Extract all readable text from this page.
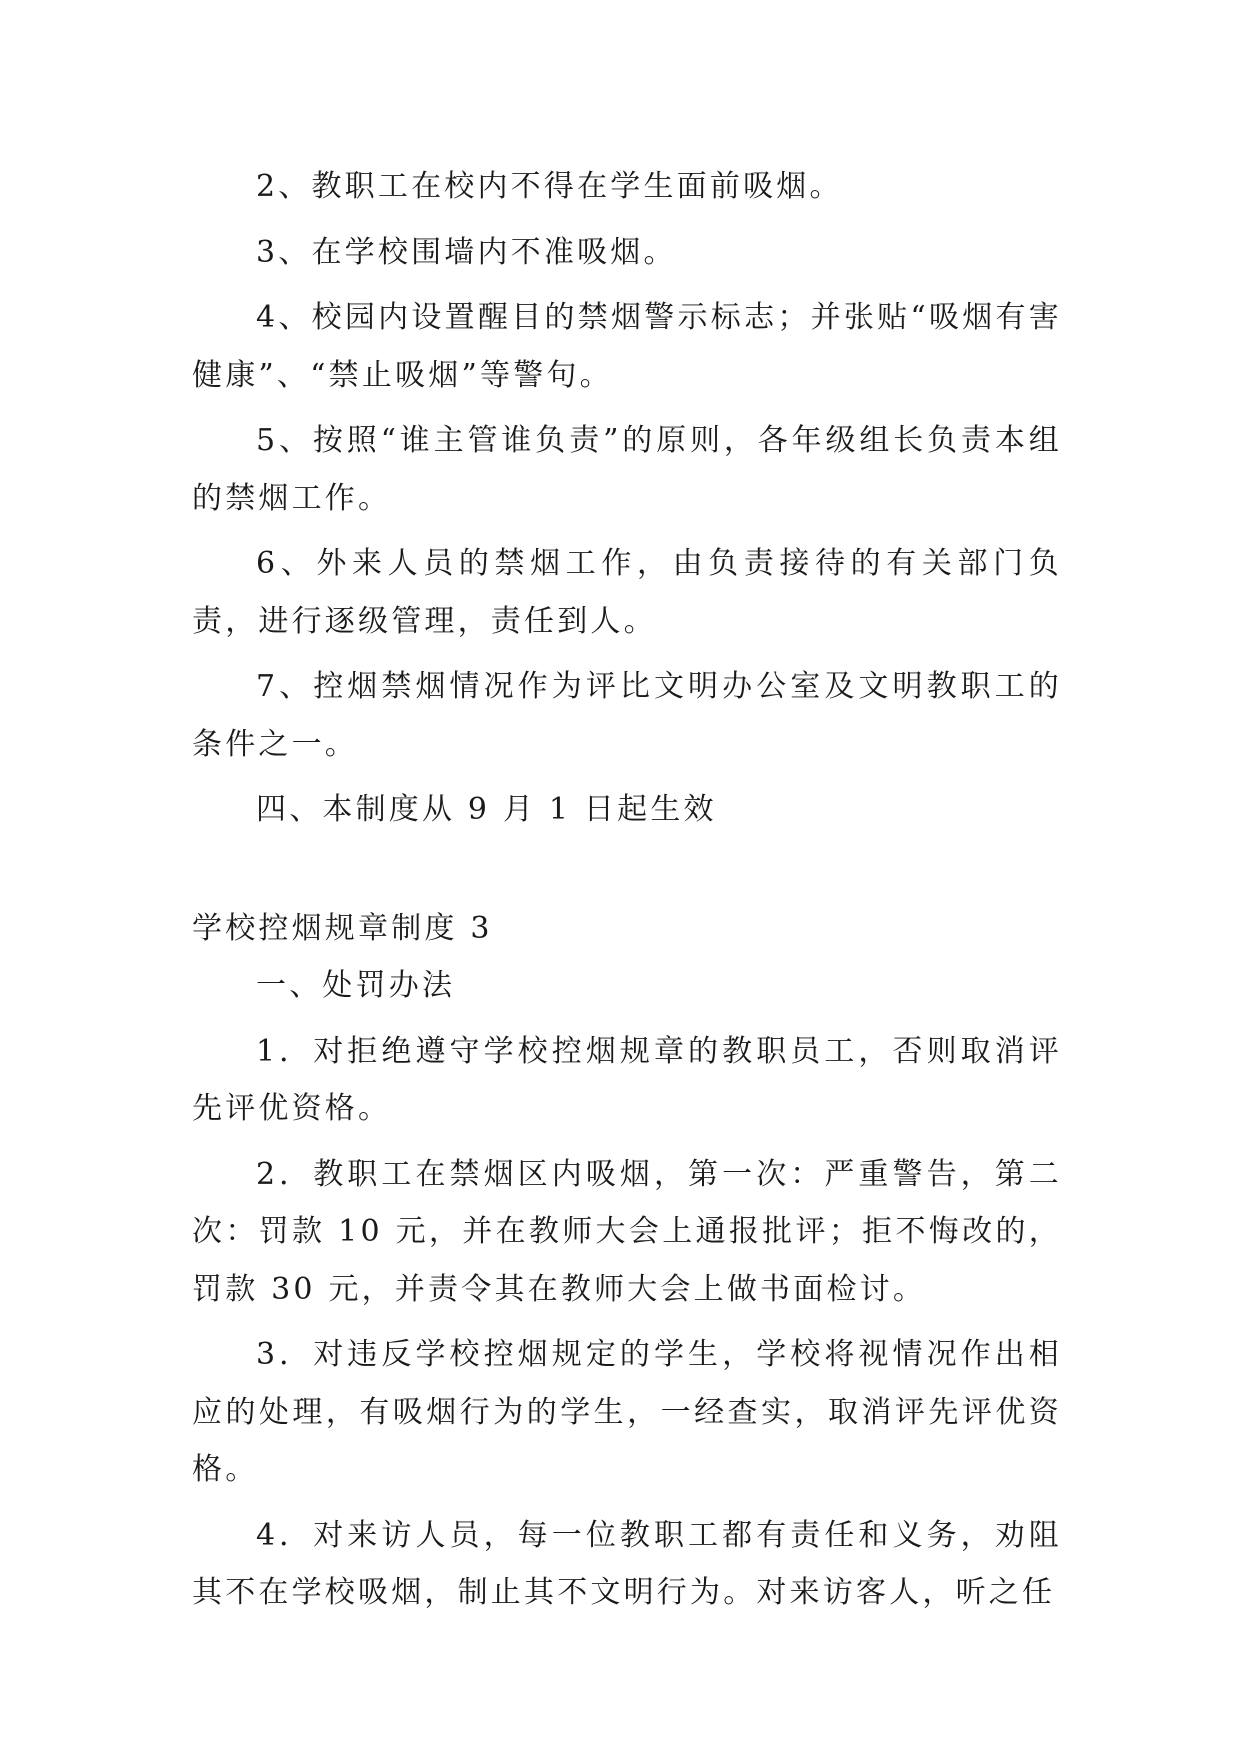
2、教职工在校内不得在学生面前吸烟。

3、在学校围墙内不准吸烟。

4、校园内设置醒目的禁烟警示标志；并张贴“吸烟有害健康”、“禁止吸烟”等警句。

5、按照“谁主管谁负责”的原则，各年级组长负责本组的禁烟工作。

6、外来人员的禁烟工作，由负责接待的有关部门负责，进行逐级管理，责任到人。

7、控烟禁烟情况作为评比文明办公室及文明教职工的条件之一。

四、本制度从 9 月 1 日起生效

学校控烟规章制度 3

一、处罚办法

1．对拒绝遵守学校控烟规章的教职员工，否则取消评先评优资格。

2．教职工在禁烟区内吸烟，第一次：严重警告，第二次：罚款 10 元，并在教师大会上通报批评；拒不悔改的，罚款 30 元，并责令其在教师大会上做书面检讨。

3．对违反学校控烟规定的学生，学校将视情况作出相应的处理，有吸烟行为的学生，一经查实，取消评先评优资格。

4．对来访人员，每一位教职工都有责任和义务，劝阻其不在学校吸烟，制止其不文明行为。对来访客人，听之任
